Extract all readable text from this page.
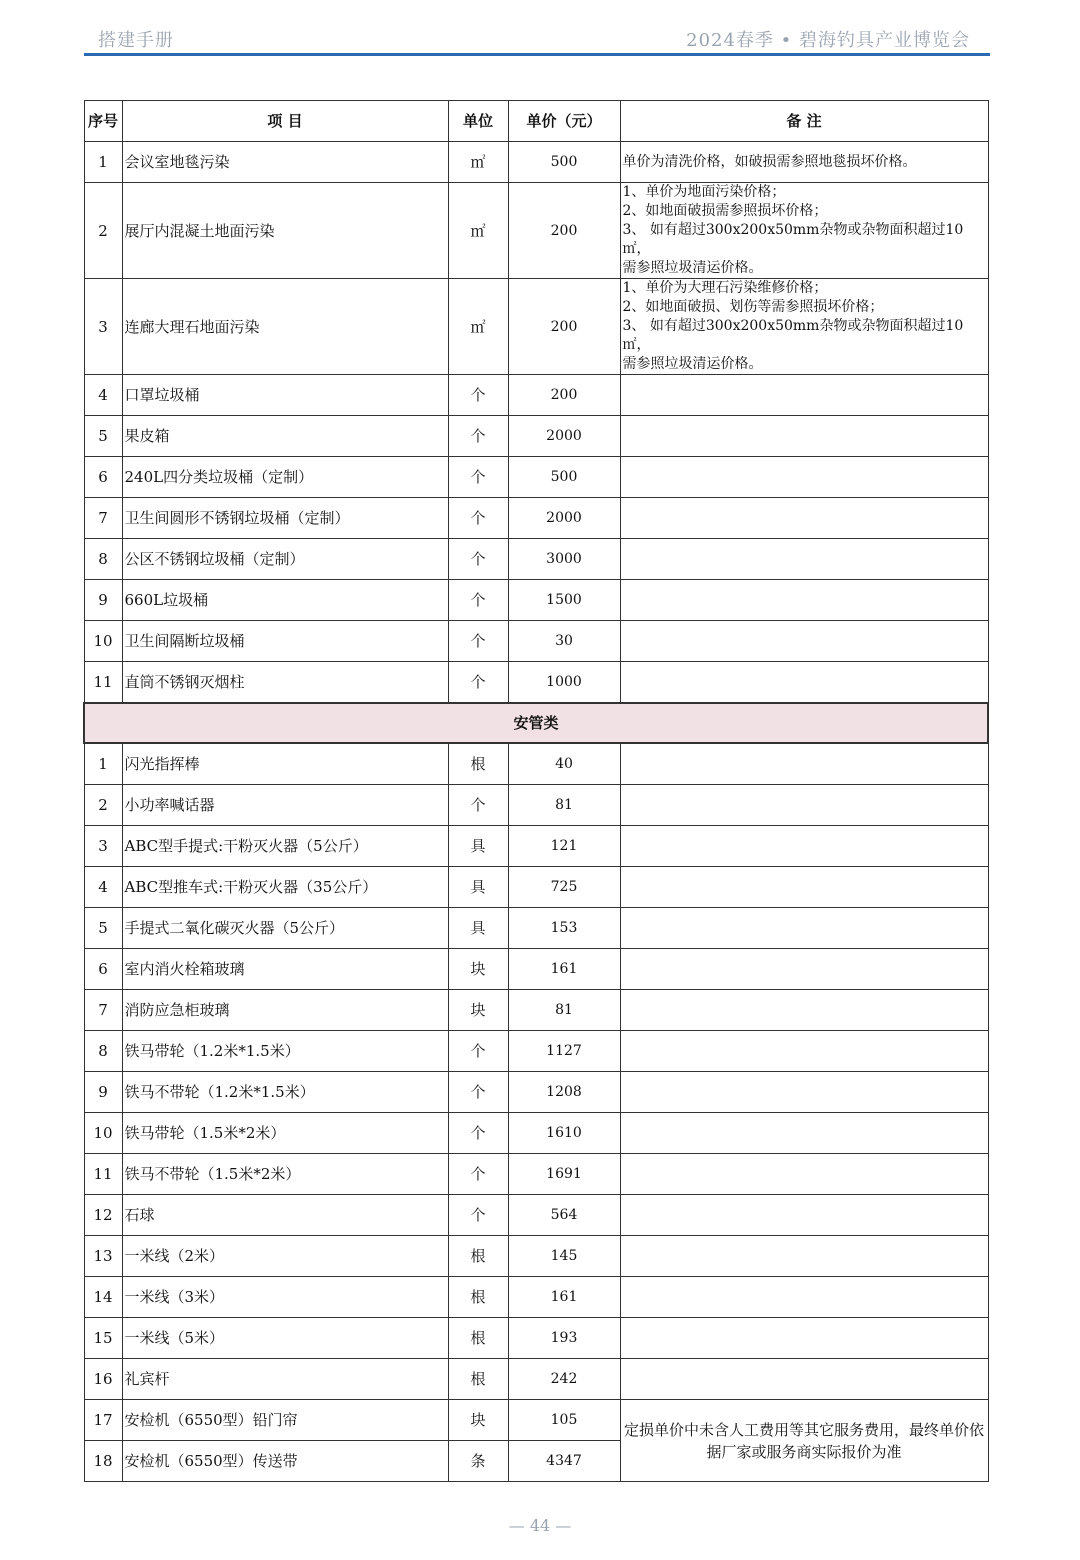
搭建手册	2024春季 • 碧海钓具产业博览会
序号	项 目	单位	单价（元）	备 注
1	会议室地毯污染	㎡	500	单价为清洗价格，如破损需参照地毯损坏价格。
2	展厅内混凝土地面污染	㎡	200	1、单价为地面污染价格；
2、如地面破损需参照损坏价格；
3、 如有超过300x200x50mm杂物或杂物面积超过10㎡，
需参照垃圾清运价格。

3	连廊大理石地面污染	㎡	200	1、单价为大理石污染维修价格；
2、如地面破损、划伤等需参照损坏价格；
3、 如有超过300x200x50mm杂物或杂物面积超过10㎡，
需参照垃圾清运价格。

4	口罩垃圾桶	个	200	
5	果皮箱	个	2000	
6	240L四分类垃圾桶（定制）	个	500	
7	卫生间圆形不锈钢垃圾桶（定制）	个	2000	
8	公区不锈钢垃圾桶（定制）	个	3000	
9	660L垃圾桶	个	1500	
10	卫生间隔断垃圾桶	个	30	
11	直筒不锈钢灭烟柱	个	1000	
安管类				
1	闪光指挥棒	根	40	
2	小功率喊话器	个	81	
3	ABC型手提式:干粉灭火器（5公斤）	具	121	
4	ABC型推车式:干粉灭火器（35公斤）	具	725	
5	手提式二氧化碳灭火器（5公斤）	具	153	
6	室内消火栓箱玻璃	块	161	
7	消防应急柜玻璃	块	81	
8	铁马带轮（1.2米*1.5米）	个	1127	
9	铁马不带轮（1.2米*1.5米）	个	1208	
10	铁马带轮（1.5米*2米）	个	1610	
11	铁马不带轮（1.5米*2米）	个	1691	
12	石球	个	564	
13	一米线（2米）	根	145	
14	一米线（3米）	根	161	
15	一米线（5米）	根	193	
16	礼宾杆	根	242	
17	安检机（6550型）铅门帘	块	105	定损单价中未含人工费用等其它服务费用，最终单价依据厂家或服务商实际报价为准
18	安检机（6550型）传送带	条	4347	
— 44 —
